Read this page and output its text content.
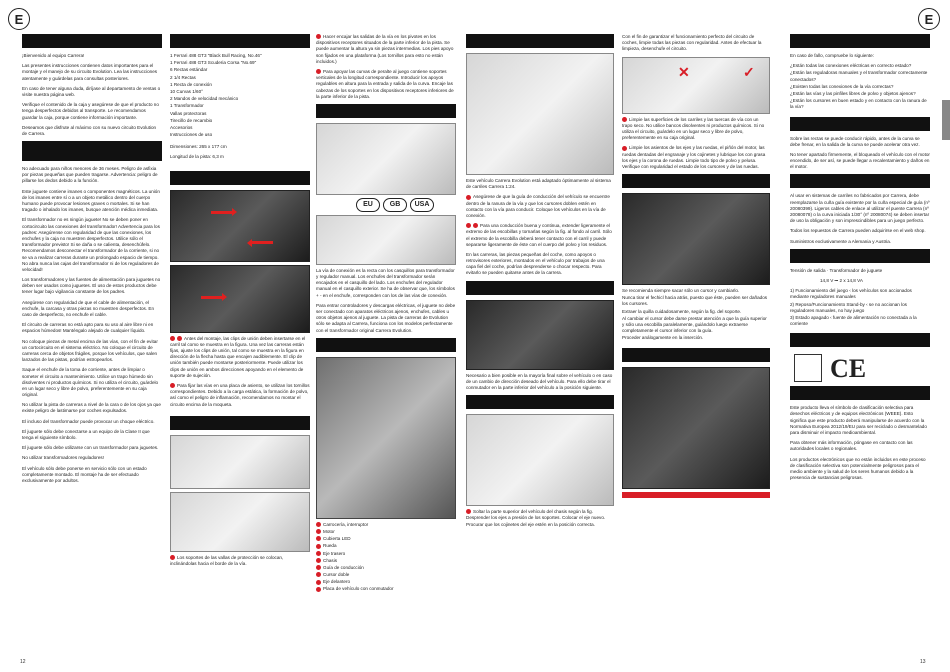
E	E
¡Bienvenido al equipo Carrera!
Las presentes instrucciones contienen datos importantes para el montaje y el manejo de su circuito Evolution. Lea las instrucciones atentamente y guárdelas para consultas posteriores.
En caso de tener alguna duda, diríjase al departamento de ventas o visite nuestra página web.
Verifique el contenido de la caja y asegúrese de que el producto no tenga desperfectos debidos al transporte. Le recomendamos guardar la caja, porque contiene información importante.
Deseamos que disfrute al máximo con su nuevo circuito Evolution de Carrera.
No adecuado para niños menores de 36 meses. Peligro de asfixia por piezas pequeñas que pueden tragarse. Advertencia: peligro de pillarse los dedos debido a la función.
Este juguete contiene imanes o componentes magnéticos. La unión de los imanes entre sí o a un objeto metálico dentro del cuerpo humano puede provocar lesiones graves o mortales. Si se han tragado o inhalado los imanes, busque atención médica inmediata.
El transformador no es ningún juguete! No se deben poner en cortocircuito las conexiones del transformador! Advertencia para los padres: Asegúrense con regularidad de que las conexiones, los enchufes y la caja no muestren desperfectos. Utilice sólo el transformador previsto! Si se daña o se calienta, desenchúfelo. Recomendamos desconectar el transformador de la corriente, si no se va a realizar carreras durante un prolongado espacio de tiempo. No abra nunca las cajas del transformador ni de los reguladores de velocidad!
Los transformadores y las fuentes de alimentación para juguetes no deben ser usados como juguetes. El uso de estos productos debe tener lugar bajo vigilancia constante de los padres.
Asegúrese con regularidad de que el cable de alimentación, el enchufe, la carcasa y otras piezas no muestren desperfectos. En caso de desperfecto, no enchufe el cable.
El circuito de carreras no está apto para su uso al aire libre ni en espacios húmedos! Manténgalo alejado de cualquier líquido.
No coloque piezas de metal encima de las vías, con el fin de evitar un cortocircuito en el sistema eléctrico. No coloque el circuito de carreras cerca de objetos frágiles, porque los vehículos, que salen lanzados de las pistas, podrían estropearlos.
Saque el enchufe de la toma de corriente, antes de limpiar o someter el circuito a mantenimiento. Utilice un trapo húmedo sin disolventes ni productos químicos. Si no utiliza el circuito, guárdelo en un lugar seco y libre de polvo, preferentemente en su caja original.
No utilizar la pista de carreras a nivel de la cara o de los ojos ya que existe peligro de lastimarse por coches expulsados.
El incluso del transformador puede provocar un choque eléctrico.
El juguete sólo debe conectarse a un equipo de la Clase II que tenga el siguiente símbolo.
El juguete sólo debe utilizarse con un transformador para juguetes.
No utilizar transformadores reguladores!
El vehículo sólo debe ponerse en servicio sólo con un estado completamente montado. El montaje ha de ser efectuado exclusivamente por adultos.
1 Ferrari 488 GT3 "Black Bull Racing, No.46"
1 Ferrari 488 GT3 Scuderia Corsa "No.69"
6 Rectas estándar
2 1/4 Rectas
1 Recta de conexión
10 Curvas 1/60°
2 Mandos de velocidad mecánico
1 Transformador
Vallas protectoras
Tirecillo de recambio
Accesorios
Instrucciones de uso
Dimensiones: 265 x 177 cm
Longitud de la pista: 6,3 m
Antes del montaje, las clips de unión deben insertarse en el carril tal como se muestra en la figura. Una vez las carreras están fijas, ajuste los clips de unión, tal como se muestra en la figura en dirección de la flecha hasta que encajen audiblemente. El clip de unión también puede montarse posteriormente. Puede utilizar los clips de unión en ambos direcciones apoyando en el elemento de suporte de sujeción.
Para fijar las vías en una placa de asiento, se utilizan los tornillos correspondientes. Debido a la carga estática, la formación de polvo, así como el peligro de inflamación, recomendamos no montar el circuito encima de la moqueta.
Los soportes de las vallas de protección se colocan, inclinándolas hacia el borde de la vía.
Hacer encajar las salidas de la vía en los pivotes en los dispositivos receptores situados de la parte inferior de la pista. Se puede aumentar la altura ya sin piezas intermedias. Los pies apoyo son fijados en una plataforma (Los tornillos para esto no están incluidos.)
Para apoyar las curvas de peralte al juego contiene soportes verticales de la longitud correspondiente. Introducir los apoyos regulables en altura para la entrada y salida de la curva. Encaje las cabezas de los soportes en los dispositivos receptores inferiores de la parte inferior de la pista.
EU	GB	USA
La vía de conexión es la recta con los casquillos para transformador y regulador manual. Los enchufes del transformador serán encajados en el casquillo del lado. Los enchufes del regulador manual en el casquillo exterior. Se ha de observar que, los símbolos + - en el enchufe, corresponden con los de las vías de conexión.
Para entrar controladores y descargas eléctricas, el juguete no debe ser conectado con aparatos eléctricos ajenos, enchufes, cables u otros objetos ajenos al juguete. La pista de carreras de Evolution sólo se adapta al Carrera, funciona con los modelos perfectamente con el transformador original Carrera Evolution.
Carrocería, interruptor
Motor
Cubierta LED
Rueda
Eje trasero
Chasis
Guía de conducción
Cursor doble
Eje delantero
Placa de vehículo con conmutador
Este vehículo Carrera Evolution está adaptado óptimamente al sistema de carriles Carrera 1:24.
Asegúrese de que la guía de conducción del vehículo se encuentre dentro de la ranura de la vía y que los cursores doblen estén en contacto con la vía para conducir. Coloque los vehículos en la vía de conexión.
Para una conducción buena y continua, extender ligeramente el extremo de las escobillas y tornarlas según la fig. al fondo al carril. Sólo el extremo de la escobilla deberá tener contacto con el carril y puede separarse ligeramente de éste con el cuerpo del polvo y los residuos.
En las carreras, las piezas pequeñas del coche, como apoyos o retrovisores exteriores, montados en el vehículo por trabajos de una capa fiel del coche, podrían desprenderse o chocar respecto. Para evitarlo se pueden quitarse antes de la carrera.
Necesario a bien posible en la mayoría final sobre el vehículo o en caso de un cambio de dirección deseado del vehículo. Para ello debe tirar el conmutador en la parte inferior del vehículo a la posición siguiente.
Soltar la parte superior del vehículo del chasis según la fig. Desprender los ejes a presión de los soportes. Colocar el eje nuevo. Procurar que los cojinetes del eje estén en la posición correcta.
Con el fin de garantizar el funcionamiento perfecto del circuito de coches, limpie todas las piezas con regularidad. Antes de efectuar la limpieza, desenchufe el circuito.
✕	✓
Limpie las superficies de los carriles y las tuercas de vía con un trapo seco. No utilice bancos disolventes ni productos químicos. Si no utiliza el circuito, guárdelo en un lugar seco y libre de polvo, preferentemente en su caja original.
Limpie los asientos de los ejes y las ruedas, el piñón del motor, las ruedas dentadas del engranaje y los cojinetes y lubrique los con grasa los ejes y la corona de ruedas. Limpie todo tipo de polvo y pelusa. Verifique con regularidad el estado de los cursores y de las ruedas.
Se recomienda siempre sacar sólo un cursor y cambiarlo.
Nunca tirar el fechicl hacia atrás, puesto que éste, pueden ser dañados los cursores.
Extraer la quilla cuidadosamente, según la fig. del soporte.
Al cambiar el cursor debe darse prestar atención a que la guía superior y sólo una escobilla paralelamente, guiándolo luego extraerse completamente el cursor inferior con la guía.
Proceder análogamente en la inserción.
En caso de fallo, compruebe lo siguiente:
¿Están todas las conexiones eléctricas en correcto estado?
¿Están las reguladoras manuales y el transformador correctamente conectados?
¿Existen todas las conexiones de la vía correctas?
¿Están las vías y las pinfiles libres de polvo y objetos ajenos?
¿Están los cursores en buen estado y en contacto con la ranura de la vía?
Sobre las rectas se puede conducir rápido, antes de la curva se debe frenar, en la salida de la curva se puede acelerar otra vez.
No tener apartado firmemente, el bloqueado el vehículo con el motor encendido, de ser así, se puede llegar a recalentamiento y daños en el motor.
Al usar en sistemas de carriles no fabricados por Carrera, debe reemplazarse la cuña guía existente por la cuña especial de guía (nº 20080399). Ligeros cables de enlace al utilizar el puente Carrera (nº 20080078) o la curva iniciada 1/30° (nº 20080074) se deben insertar de uso la obligación y son imprescindibles para un juego perfecto.
Todos los repuestos de Carrera pueden adquirirse en el web shop.
Suministros exclusivamente a Alemania y Austria.
Tensión de salida · Transformador de juguete
14,8 V ⎓ 2 x 14,8 VA
1) Funcionamiento del juego ‹ los vehículos son accionados mediante reguladores manuales
2) Reposo/Funcionamiento Stand-by ‹ se no accionan los reguladores manuales, no hay juego
3) Estado apagado ‹ fuente de alimentación no conectada a la corriente
CE
Este producto lleva el símbolo de clasificación selectiva para desechos eléctricos y de equipos electrónicos (WEEE). Esto significa que este producto deberá manipularse de acuerdo con la Normativa Europea 2012/19/EU para ser reciclado o desmantelado para disminuir el impacto medioambiental.
Para obtener más información, póngase en contacto con las autoridades locales o regionales.
Los productos electrónicos que no están incluidos en este proceso de clasificación selectiva son potencialmente peligrosos para el medio ambiente y la salud de los seres humanos debido a la presencia de sustancias peligrosas.
12	13
